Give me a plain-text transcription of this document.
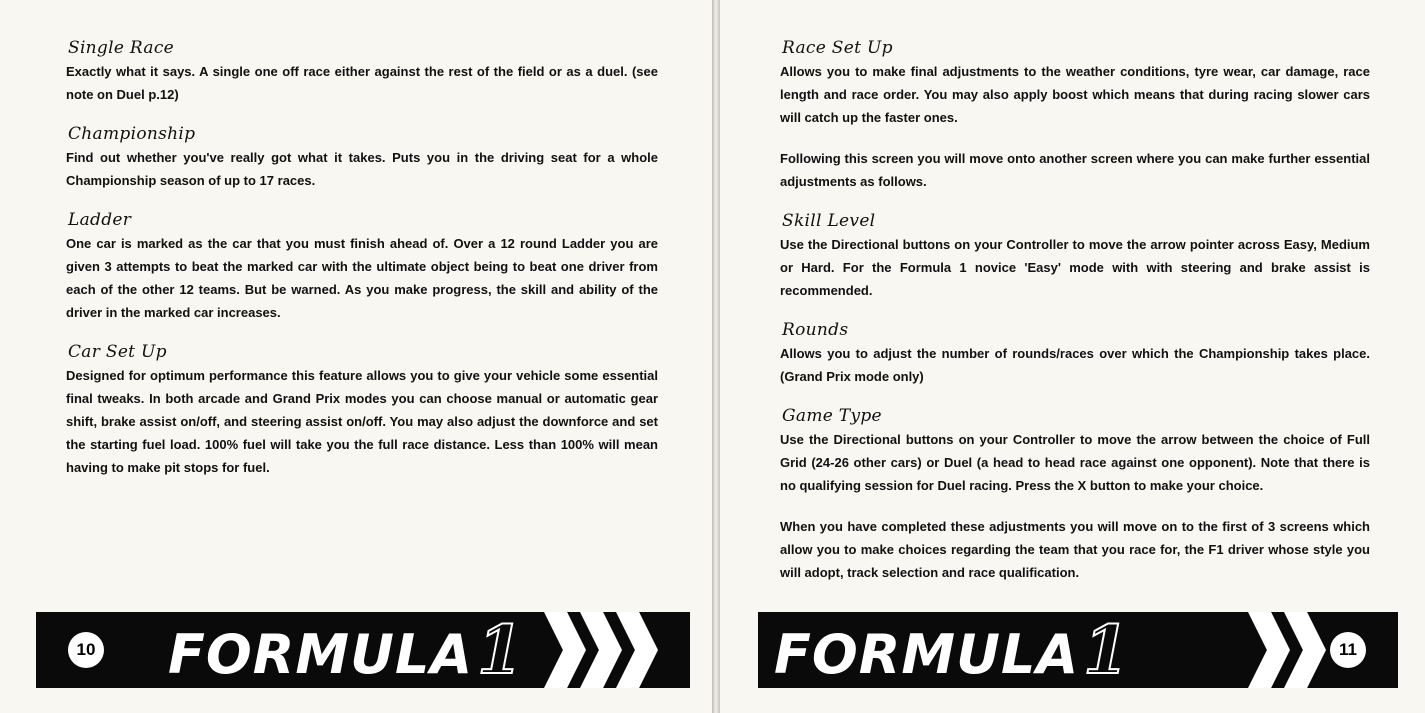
Single Race

Exactly what it says. A single one off race either against the rest of the field or as a duel. (see note on Duel p.12)

Championship

Find out whether you've really got what it takes. Puts you in the driving seat for a whole Championship season of up to 17 races.

Ladder

One car is marked as the car that you must finish ahead of. Over a 12 round Ladder you are given 3 attempts to beat the marked car with the ultimate object being to beat one driver from each of the other 12 teams. But be warned. As you make progress, the skill and ability of the driver in the marked car increases.

Car Set Up

Designed for optimum performance this feature allows you to give your vehicle some essential final tweaks. In both arcade and Grand Prix modes you can choose manual or automatic gear shift, brake assist on/off, and steering assist on/off. You may also adjust the downforce and set the starting fuel load. 100% fuel will take you the full race distance. Less than 100% will mean having to make pit stops for fuel.

10 FORMULA1
Race Set Up

Allows you to make final adjustments to the weather conditions, tyre wear, car damage, race length and race order. You may also apply boost which means that during racing slower cars will catch up the faster ones.

Following this screen you will move onto another screen where you can make further essential adjustments as follows.

Skill Level

Use the Directional buttons on your Controller to move the arrow pointer across Easy, Medium or Hard. For the Formula 1 novice 'Easy' mode with with steering and brake assist is recommended.

Rounds

Allows you to adjust the number of rounds/races over which the Championship takes place. (Grand Prix mode only)

Game Type

Use the Directional buttons on your Controller to move the arrow between the choice of Full Grid (24-26 other cars) or Duel (a head to head race against one opponent). Note that there is no qualifying session for Duel racing. Press the X button to make your choice.

When you have completed these adjustments you will move on to the first of 3 screens which allow you to make choices regarding the team that you race for, the F1 driver whose style you will adopt, track selection and race qualification.

FORMULA1	11
